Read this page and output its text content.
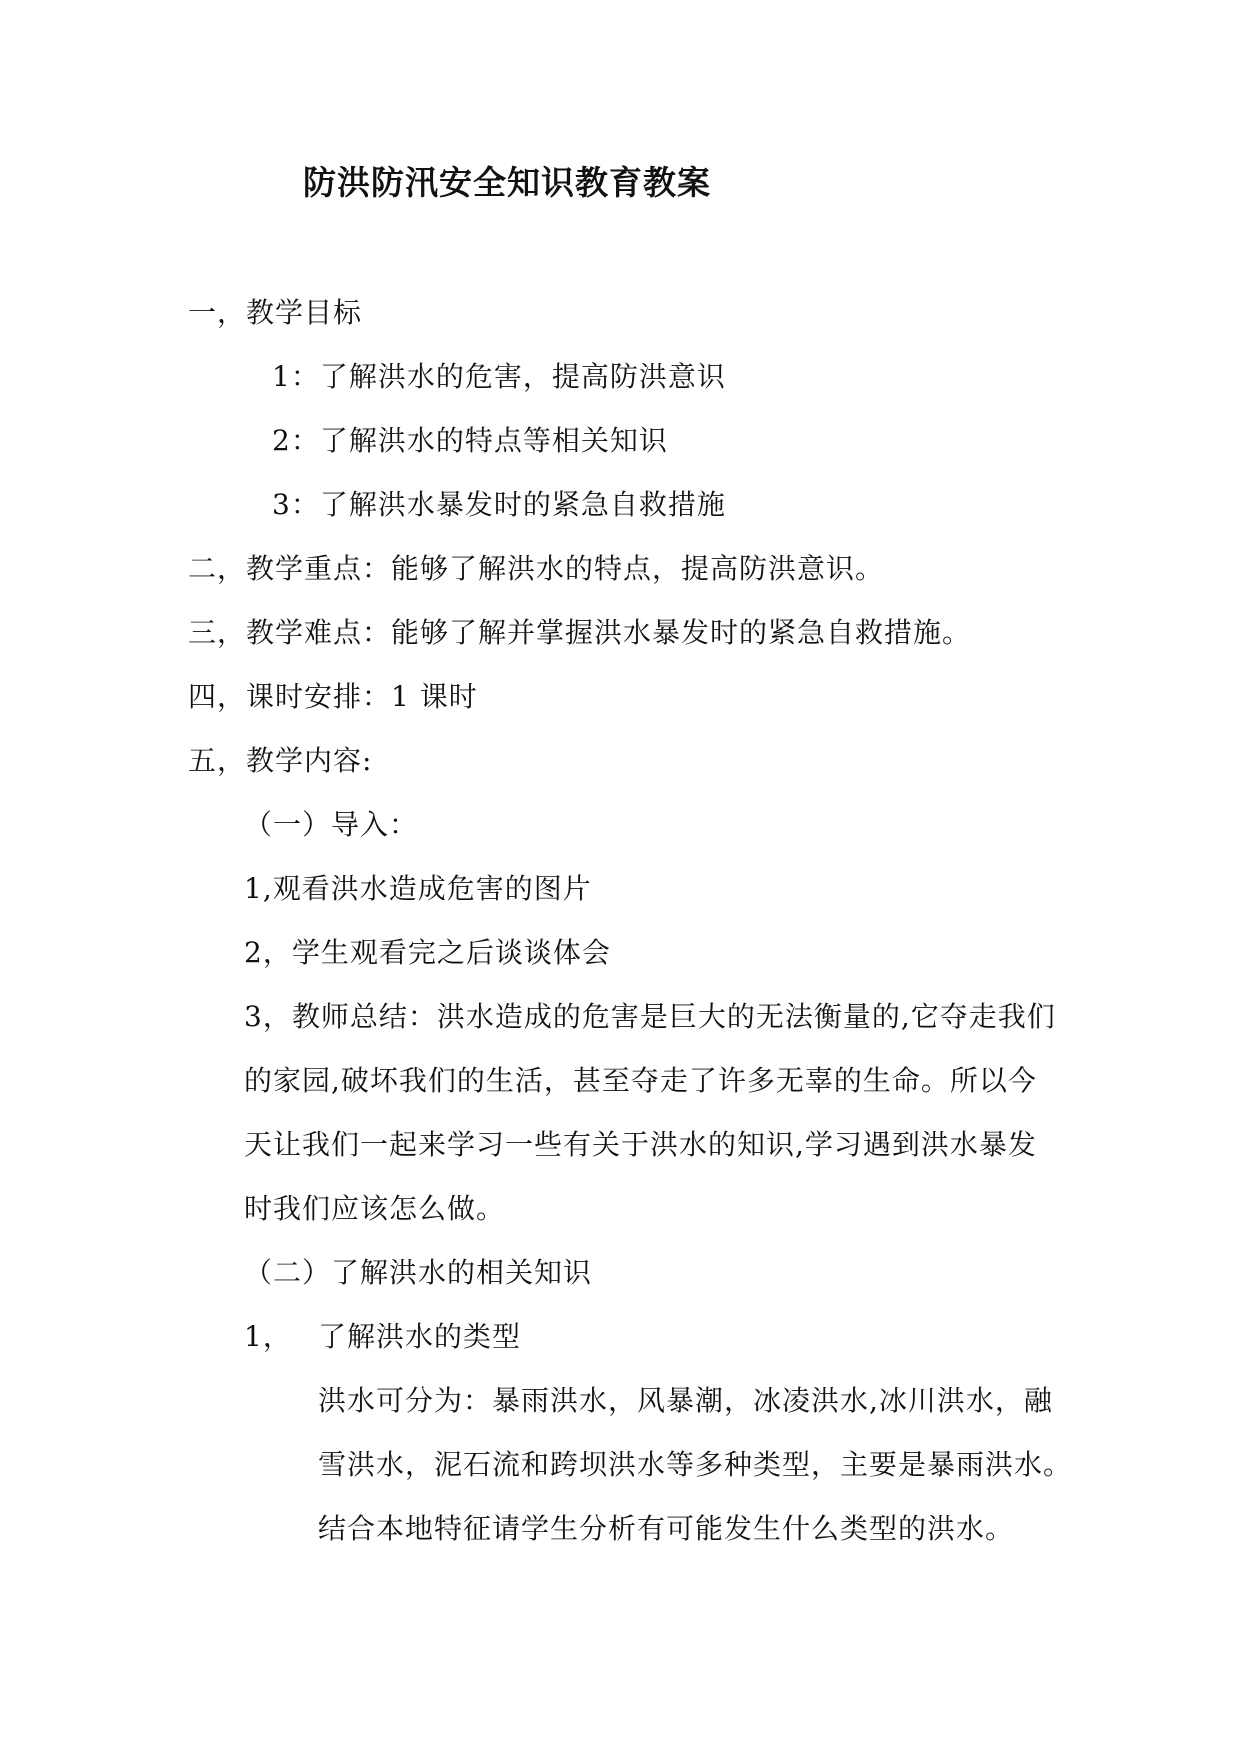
防洪防汛安全知识教育教案
一，教学目标
1：了解洪水的危害，提高防洪意识
2：了解洪水的特点等相关知识
3：了解洪水暴发时的紧急自救措施
二，教学重点：能够了解洪水的特点，提高防洪意识。
三，教学难点：能够了解并掌握洪水暴发时的紧急自救措施。
四，课时安排：1 课时
五，教学内容:
（一）导入：
1,观看洪水造成危害的图片
2，学生观看完之后谈谈体会
3，教师总结：洪水造成的危害是巨大的无法衡量的,它夺走我们
的家园,破坏我们的生活，甚至夺走了许多无辜的生命。所以今
天让我们一起来学习一些有关于洪水的知识,学习遇到洪水暴发
时我们应该怎么做。
（二）了解洪水的相关知识
1， 了解洪水的类型
洪水可分为：暴雨洪水，风暴潮，冰凌洪水,冰川洪水，融
雪洪水，泥石流和跨坝洪水等多种类型，主要是暴雨洪水。
结合本地特征请学生分析有可能发生什么类型的洪水。
